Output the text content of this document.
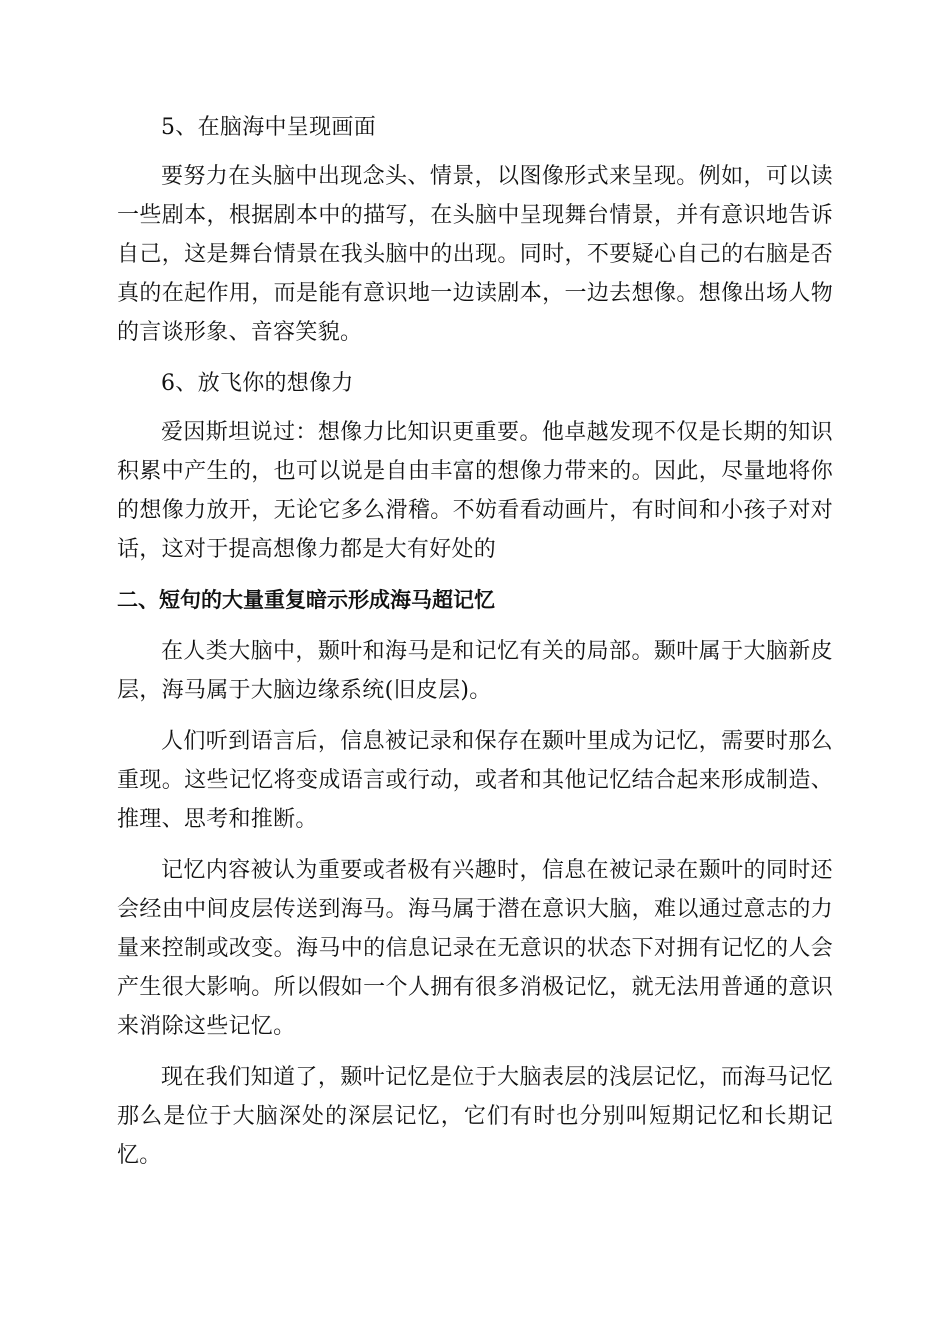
5、在脑海中呈现画面

要努力在头脑中出现念头、情景，以图像形式来呈现。例如，可以读一些剧本，根据剧本中的描写，在头脑中呈现舞台情景，并有意识地告诉自己，这是舞台情景在我头脑中的出现。同时，不要疑心自己的右脑是否真的在起作用，而是能有意识地一边读剧本，一边去想像。想像出场人物的言谈形象、音容笑貌。

6、放飞你的想像力

爱因斯坦说过：想像力比知识更重要。他卓越发现不仅是长期的知识积累中产生的，也可以说是自由丰富的想像力带来的。因此，尽量地将你的想像力放开，无论它多么滑稽。不妨看看动画片，有时间和小孩子对对话，这对于提高想像力都是大有好处的

二、短句的大量重复暗示形成海马超记忆

在人类大脑中，颞叶和海马是和记忆有关的局部。颞叶属于大脑新皮层，海马属于大脑边缘系统(旧皮层)。

人们听到语言后，信息被记录和保存在颞叶里成为记忆，需要时那么重现。这些记忆将变成语言或行动，或者和其他记忆结合起来形成制造、推理、思考和推断。

记忆内容被认为重要或者极有兴趣时，信息在被记录在颞叶的同时还会经由中间皮层传送到海马。海马属于潜在意识大脑，难以通过意志的力量来控制或改变。海马中的信息记录在无意识的状态下对拥有记忆的人会产生很大影响。所以假如一个人拥有很多消极记忆，就无法用普通的意识来消除这些记忆。

现在我们知道了，颞叶记忆是位于大脑表层的浅层记忆，而海马记忆那么是位于大脑深处的深层记忆，它们有时也分别叫短期记忆和长期记忆。
